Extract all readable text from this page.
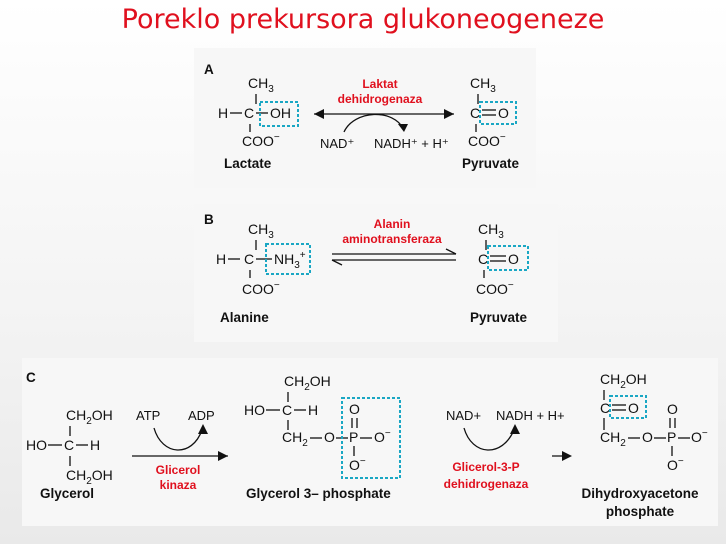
Poreklo prekursora glukoneogeneze
A
$CH_3$
H C OH
COO−
Lactate
Laktat
dehidrogenaza
NAD⁺ NADH⁺ + H⁺
$CH_3$
C O
COO−
Pyruvate
B
$CH_3$
H C $NH_3^+$
COO−
Alanine
Alanin
aminotransferaza
$CH_3$
C O
COO−
Pyruvate
C
$CH_2OH$
HO C H
$CH_2OH$
Glycerol
ATP ADP
Glicerol
kinaza
$CH_2OH$
HO C H
$CH_2$ O P O−
O
O−
Glycerol 3– phosphate
NAD+ NADH + H+
Glicerol-3-P
dehidrogenaza
$CH_2OH$
C O
$CH_2$ O P O−
O
O−
Dihydroxyacetone
phosphate
